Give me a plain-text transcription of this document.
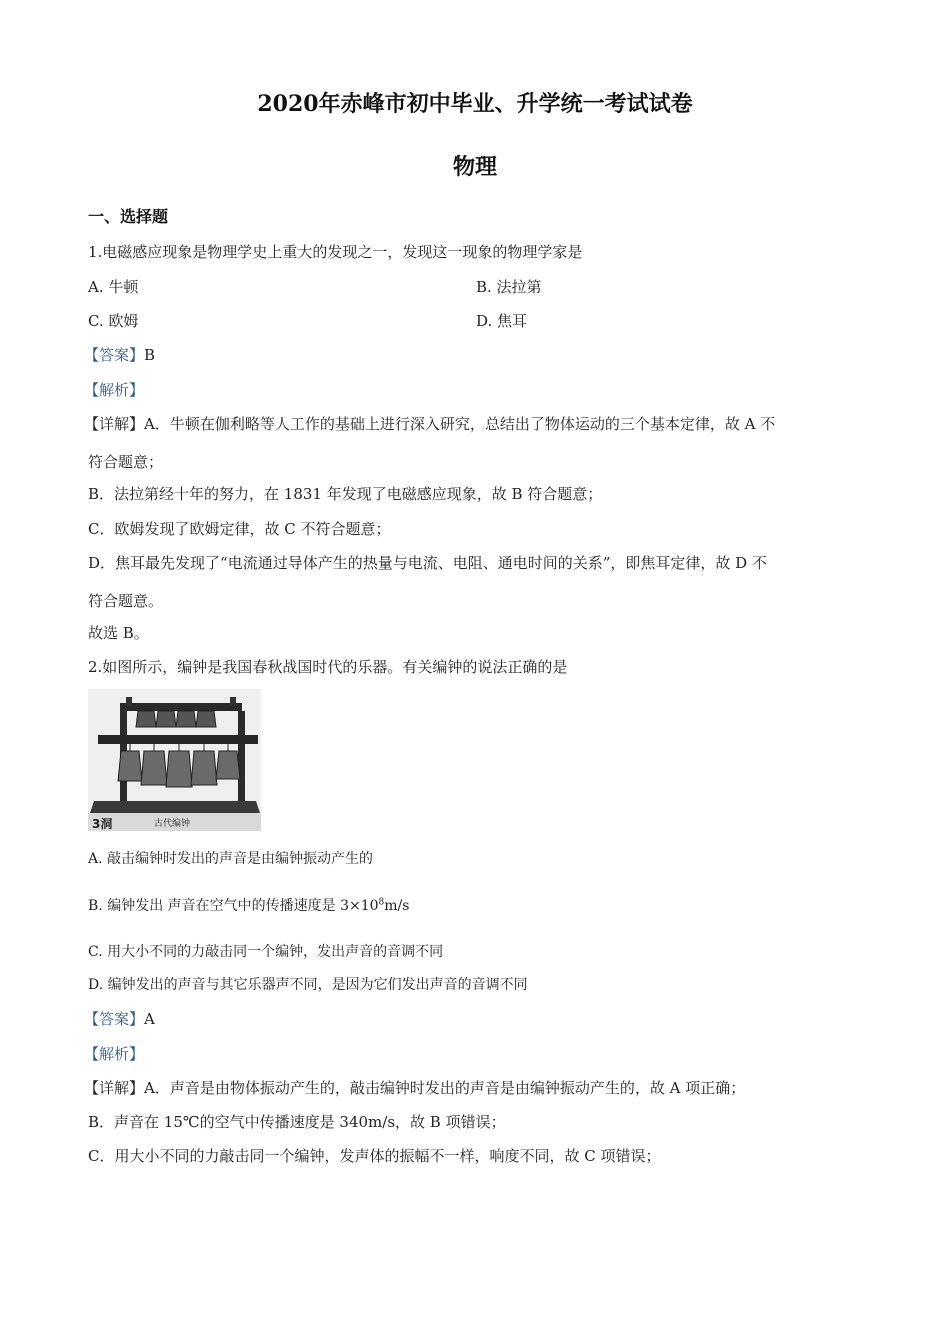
2020年赤峰市初中毕业、升学统一考试试卷
物理
一、选择题
1.电磁感应现象是物理学史上重大的发现之一，发现这一现象的物理学家是
A. 牛顿	B. 法拉第
C. 欧姆	D. 焦耳
【答案】B
【解析】
【详解】A．牛顿在伽利略等人工作的基础上进行深入研究，总结出了物体运动的三个基本定律，故 A 不
符合题意；
B．法拉第经十年的努力，在 1831 年发现了电磁感应现象，故 B 符合题意；
C．欧姆发现了欧姆定律，故 C 不符合题意；
D．焦耳最先发现了“电流通过导体产生的热量与电流、电阻、通电时间的关系”，即焦耳定律，故 D 不
符合题意。
故选 B。
2.如图所示，编钟是我国春秋战国时代的乐器。有关编钟的说法正确的是
3洞	古代编钟
A. 敲击编钟时发出的声音是由编钟振动产生的
B. 编钟发出 声音在空气中的传播速度是 $3\times 10^8m/s$
C. 用大小不同的力敲击同一个编钟，发出声音的音调不同
D. 编钟发出的声音与其它乐器声不同，是因为它们发出声音的音调不同
【答案】A
【解析】
【详解】A．声音是由物体振动产生的，敲击编钟时发出的声音是由编钟振动产生的，故 A 项正确；
B．声音在 15℃的空气中传播速度是 340m/s，故 B 项错误；
C．用大小不同的力敲击同一个编钟，发声体的振幅不一样，响度不同，故 C 项错误；
